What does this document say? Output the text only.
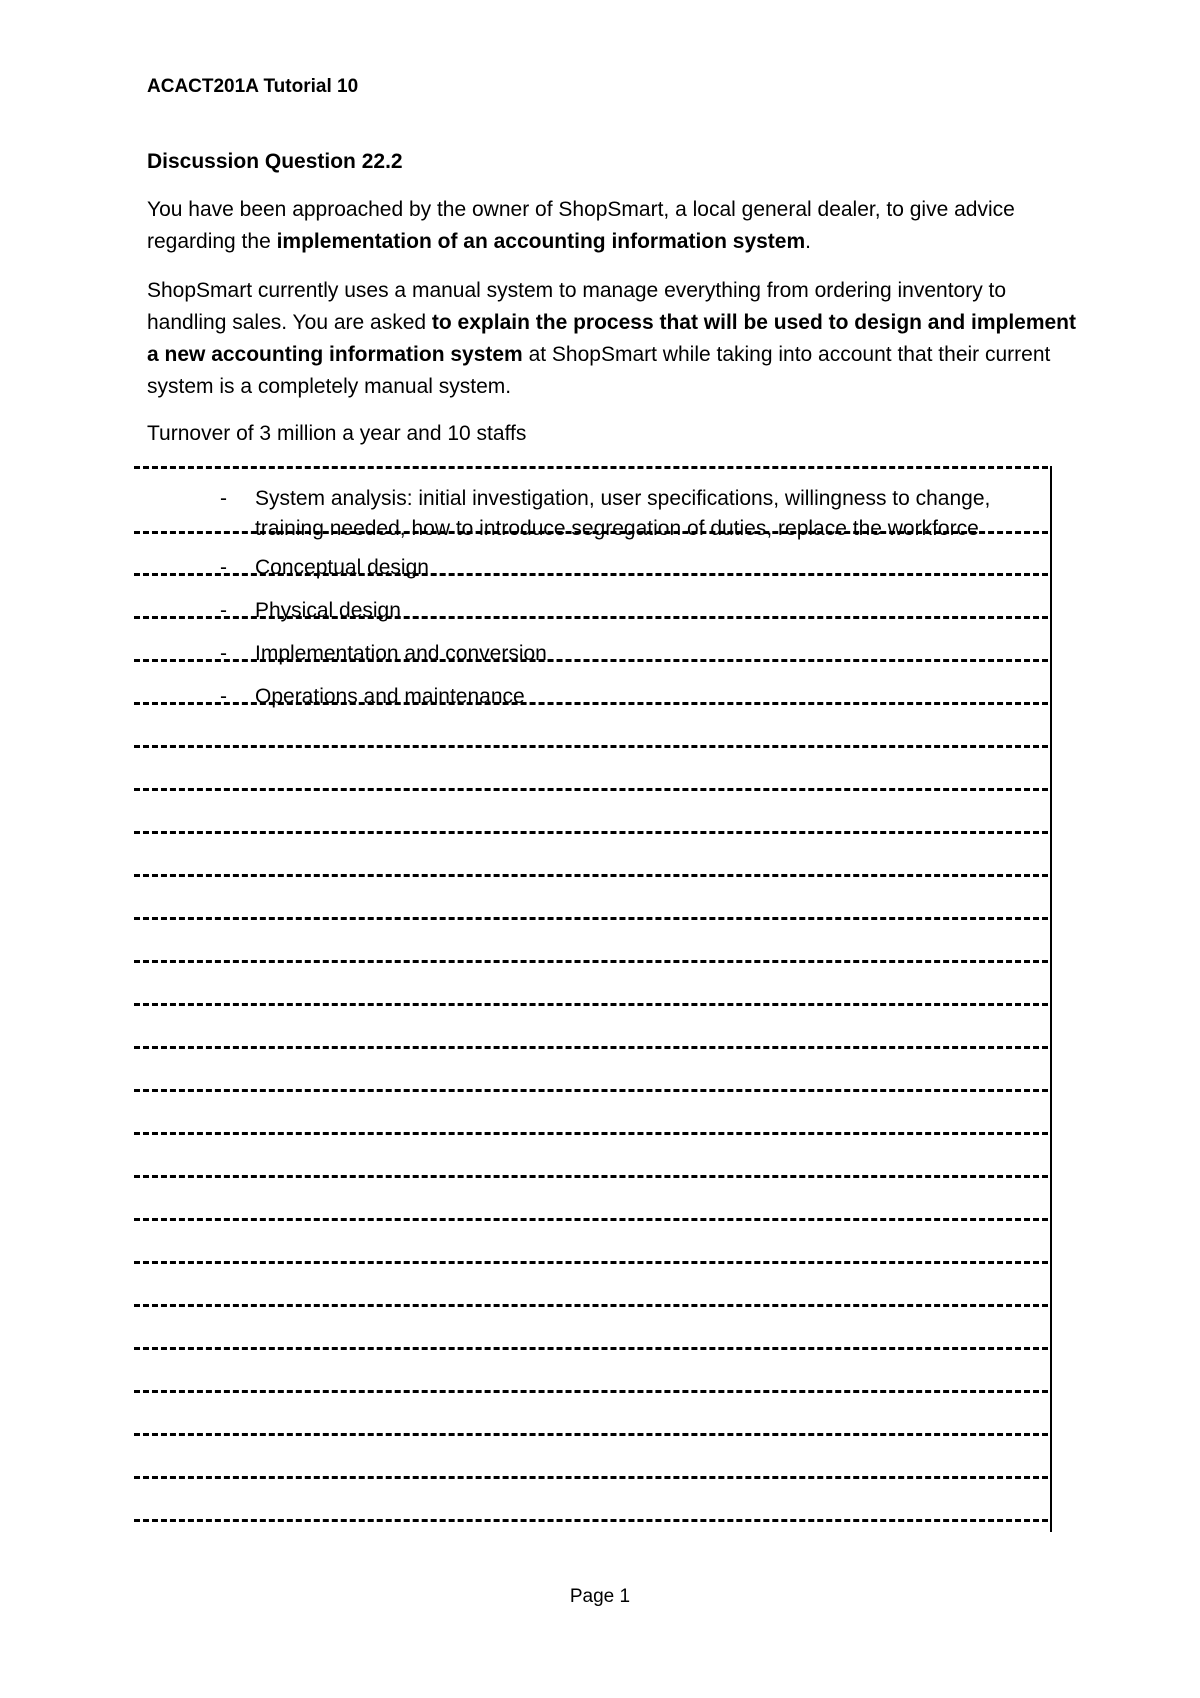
ACACT201A Tutorial 10
Discussion Question 22.2
You have been approached by the owner of ShopSmart, a local general dealer, to give advice regarding the implementation of an accounting information system.
ShopSmart currently uses a manual system to manage everything from ordering inventory to handling sales. You are asked to explain the process that will be used to design and implement a new accounting information system at ShopSmart while taking into account that their current system is a completely manual system.
Turnover of 3 million a year and 10 staffs
- System analysis: initial investigation, user specifications, willingness to change, training needed, how to introduce segregation of duties, replace the workforce
- Conceptual design
- Physical design
- Implementation and conversion
- Operations and maintenance
Page 1
